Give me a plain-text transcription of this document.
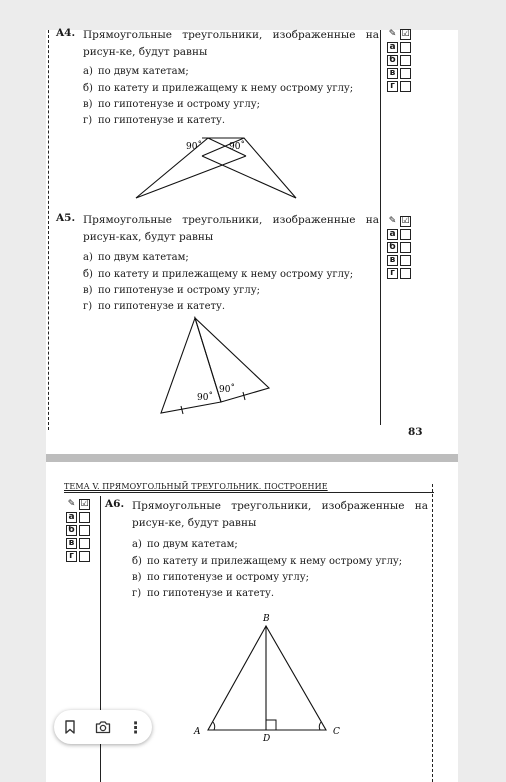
A4. Прямоугольные треугольники, изображенные на рисун-ке, будут равны
а) по двум катетам;
б) по катету и прилежащему к нему острому углу;
в) по гипотенузе и острому углу;
г) по гипотенузе и катету.
✎ ☑
а
б
в
г
90˚	90˚
A5. Прямоугольные треугольники, изображенные на рисун-ках, будут равны
а) по двум катетам;
б) по катету и прилежащему к нему острому углу;
в) по гипотенузе и острому углу;
г) по гипотенузе и катету.
✎ ☑
а
б
в
г
90˚
90˚
83
ТЕМА V. ПРЯМОУГОЛЬНЫЙ ТРЕУГОЛЬНИК. ПОСТРОЕНИЕ
✎ ☑
а
б
в
г
A6. Прямоугольные треугольники, изображенные на рисун-ке, будут равны
а) по двум катетам;
б) по катету и прилежащему к нему острому углу;
в) по гипотенузе и острому углу;
г) по гипотенузе и катету.
B
A
D
C
⋮
